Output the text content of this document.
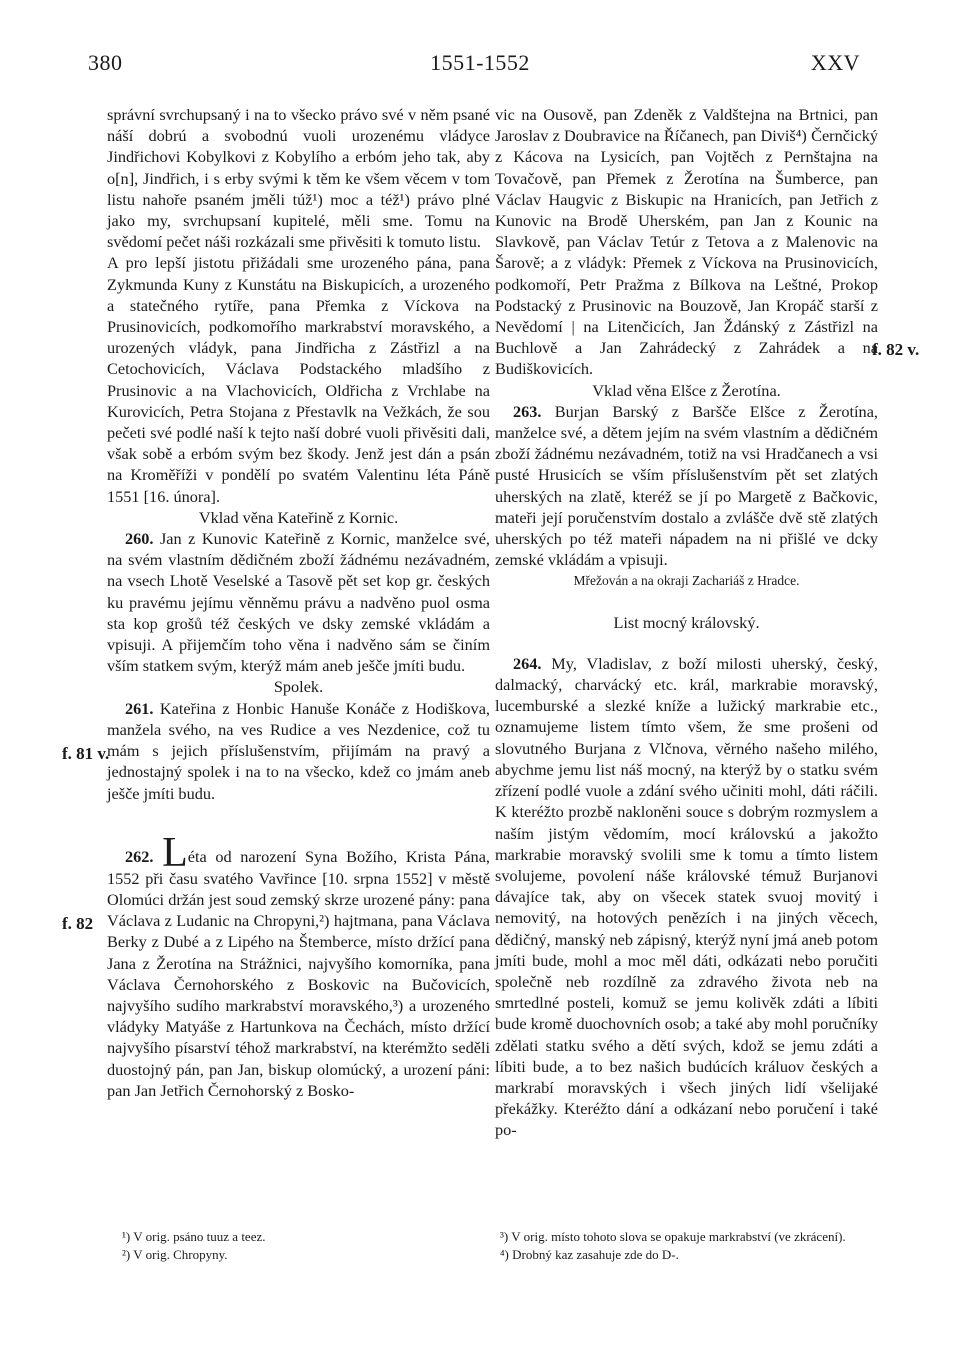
380	1551-1552	XXV

správní svrchupsaný i na to všecko právo své v něm psané náší dobrú a svobodnú vuoli urozenému vládyce Jindřichovi Kobylkovi z Kobylího a erbóm jeho tak, aby o[n], Jindřich, i s erby svými k těm ke všem věcem v tom listu nahoře psaném jměli túž¹) moc a též¹) právo plné jako my, svrchupsaní kupitelé, měli sme. Tomu na svědomí pečet náši rozkázali sme přivěsiti k tomuto listu.

A pro lepší jistotu přižádali sme urozeného pána, pana Zykmunda Kuny z Kunstátu na Biskupicích, a urozeného a statečného rytíře, pana Přemka z Víckova na Prusinovicích, podkomořího markrabství moravského, a urozených vládyk, pana Jindřicha z Zástřizl a na Cetochovicích, Václava Podstackého mladšího z Prusinovic a na Vlachovicích, Oldřicha z Vrchlabe na Kurovicích, Petra Stojana z Přestavlk na Vežkách, že sou pečeti své podlé naší k tejto naší dobré vuoli přivěsiti dali, však sobě a erbóm svým bez škody. Jenž jest dán a psán na Kroměříži v pondělí po svatém Valentinu léta Páně 1551 [16. února].

Vklad věna Kateřině z Kornic.

260. Jan z Kunovic Kateřině z Kornic, manželce své, na svém vlastním dědičném zboží žádnému nezávadném, na vsech Lhotě Veselské a Tasově pět set kop gr. českých ku pravému jejímu věnněmu právu a nadvěno puol osma sta kop grošů též českých ve dsky zemské vkládám a vpisuji. A přijemčím toho věna i nadvěno sám se činím vším statkem svým, kterýž mám aneb ješče jmíti budu.

Spolek.

261. Kateřina z Honbic Hanuše Konáče z Hodiškova, manžela svého, na ves Rudice a ves Nezdenice, což tu mám s jejich příslušenstvím, přijímám na pravý a jednostajný spolek i na to na všecko, kdež co jmám aneb ješče jmíti budu.

262. Léta od narození Syna Božího, Krista Pána, 1552 při času svatého Vavřince [10. srpna 1552] v městě Olomúci držán jest soud zemský skrze urozené pány: pana Václava z Ludanic na Chropyni,²) hajtmana, pana Václava Berky z Dubé a z Lipého na Štemberce, místo držící pana Jana z Žerotína na Strážnici, najvyšího komorníka, pana Václava Černohorského z Boskovic na Bučovicích, najvyšího sudího markrabství moravského,³) a urozeného vládyky Matyáše z Hartunkova na Čechách, místo držící najvyšího písarství téhož markrabství, na kterémžto seděli duostojný pán, pan Jan, biskup olomúcký, a urození páni: pan Jan Jetřich Černohorský z Bosko-

vic na Ousově, pan Zdeněk z Valdštejna na Brtnici, pan Jaroslav z Doubravice na Říčanech, pan Diviš⁴) Černčický z Kácova na Lysicích, pan Vojtěch z Pernštajna na Tovačově, pan Přemek z Žerotína na Šumberce, pan Václav Haugvic z Biskupic na Hranicích, pan Jetřich z Kunovic na Brodě Uherském, pan Jan z Kounic na Slavkově, pan Václav Tetúr z Tetova a z Malenovic na Šarově; a z vládyk: Přemek z Víckova na Prusinovicích, podkomoří, Petr Pražma z Bílkova na Leštné, Prokop Podstacký z Prusinovic na Bouzově, Jan Kropáč starší z Nevědomí | na Litenčicích, Jan Ždánský z Zástřizl na Buchlově a Jan Zahrádecký z Zahrádek a na Budiškovicích.

Vklad věna Elšce z Žerotína.

263. Burjan Barský z Baršče Elšce z Žerotína, manželce své, a dětem jejím na svém vlastním a dědičném zboží žádnému nezávadném, totiž na vsi Hradčanech a vsi pusté Hrusicích se vším příslušenstvím pět set zlatých uherských na zlatě, kteréž se jí po Margetě z Bačkovic, mateři její poručenstvím dostalo a zvlášče dvě stě zlatých uherských po též mateři nápadem na ni přišlé ve dcky zemské vkládám a vpisuji.

Mřežován a na okraji Zachariáš z Hradce.

List mocný královský.

264. My, Vladislav, z boží milosti uherský, český, dalmacký, charvácký etc. král, markrabie moravský, lucemburské a slezké kníže a lužický markrabie etc., oznamujeme listem tímto všem, že sme prošeni od slovutného Burjana z Vlčnova, věrného našeho milého, abychme jemu list náš mocný, na kterýž by o statku svém zřízení podlé vuole a zdání svého učiniti mohl, dáti ráčili. K kteréžto prozbě nakloněni souce s dobrým rozmyslem a naším jistým vědomím, mocí královskú a jakožto markrabie moravský svolili sme k tomu a tímto listem svolujeme, povolení náše královské témuž Burjanovi dávajíce tak, aby on všecek statek svuoj movitý i nemovitý, na hotových penězích i na jiných věcech, dědičný, manský neb zápisný, kterýž nyní jmá aneb potom jmíti bude, mohl a moc měl dáti, odkázati nebo poručiti společně neb rozdílně za zdravého života neb na smrtedlné posteli, komuž se jemu kolivěk zdáti a líbiti bude kromě duochovních osob; a také aby mohl poručníky zdělati statku svého a dětí svých, kdož se jemu zdáti a líbiti bude, a to bez našich budúcích králuov českých a markrabí moravských i všech jiných lidí všelijaké překážky. Kteréžto dání a odkázaní nebo poručení i také po-

f. 81 v.
f. 82
f. 82 v.
¹) V orig. psáno tuuz a teez.
²) V orig. Chropyny.
³) V orig. místo tohoto slova se opakuje markrabství (ve zkrácení).
⁴) Drobný kaz zasahuje zde do D-.
